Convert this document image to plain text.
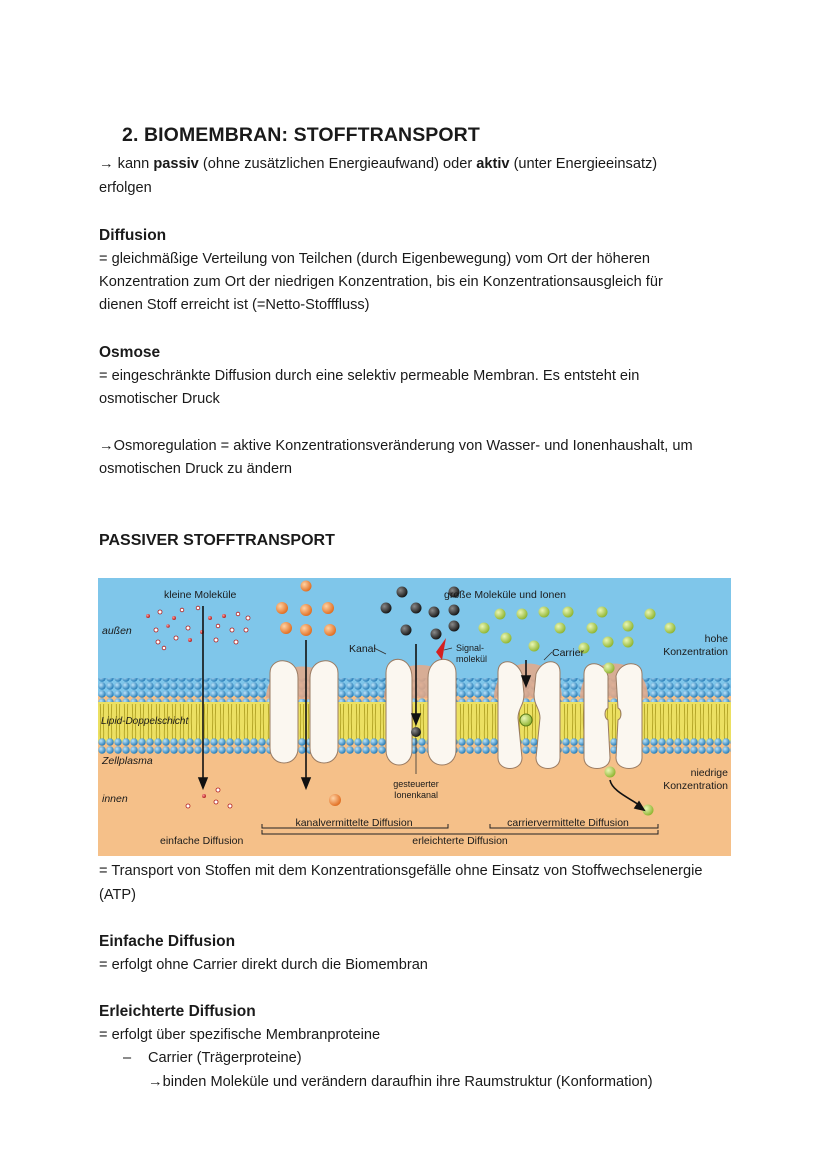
2. BIOMEMBRAN: STOFFTRANSPORT
→ kann passiv (ohne zusätzlichen Energieaufwand) oder aktiv (unter Energieeinsatz)
erfolgen
Diffusion
= gleichmäßige Verteilung von Teilchen (durch Eigenbewegung) vom Ort der höheren
Konzentration zum Ort der niedrigen Konzentration, bis ein Konzentrationsausgleich für
dienen Stoff erreicht ist (=Netto-Stofffluss)
Osmose
= eingeschränkte Diffusion durch eine selektiv permeable Membran. Es entsteht ein
osmotischer Druck
→Osmoregulation = aktive Konzentrationsveränderung von Wasser- und Ionenhaushalt, um
osmotischen Druck zu ändern
PASSIVER STOFFTRANSPORT
kleine Moleküle	große Moleküle und Ionen
außen
Kanal	Signal-
molekül	Carrier
hohe
Konzentration
Lipid-Doppelschicht
Zellplasma
innen
gesteuerter
Ionenkanal
niedrige
Konzentration
kanalvermittelte Diffusion	carriervermittelte Diffusion
einfache Diffusion	erleichterte Diffusion
= Transport von Stoffen mit dem Konzentrationsgefälle ohne Einsatz von Stoffwechselenergie
(ATP)
Einfache Diffusion
= erfolgt ohne Carrier direkt durch die Biomembran
Erleichterte Diffusion
= erfolgt über spezifische Membranproteine
– Carrier (Trägerproteine)
→binden Moleküle und verändern daraufhin ihre Raumstruktur (Konformation)
